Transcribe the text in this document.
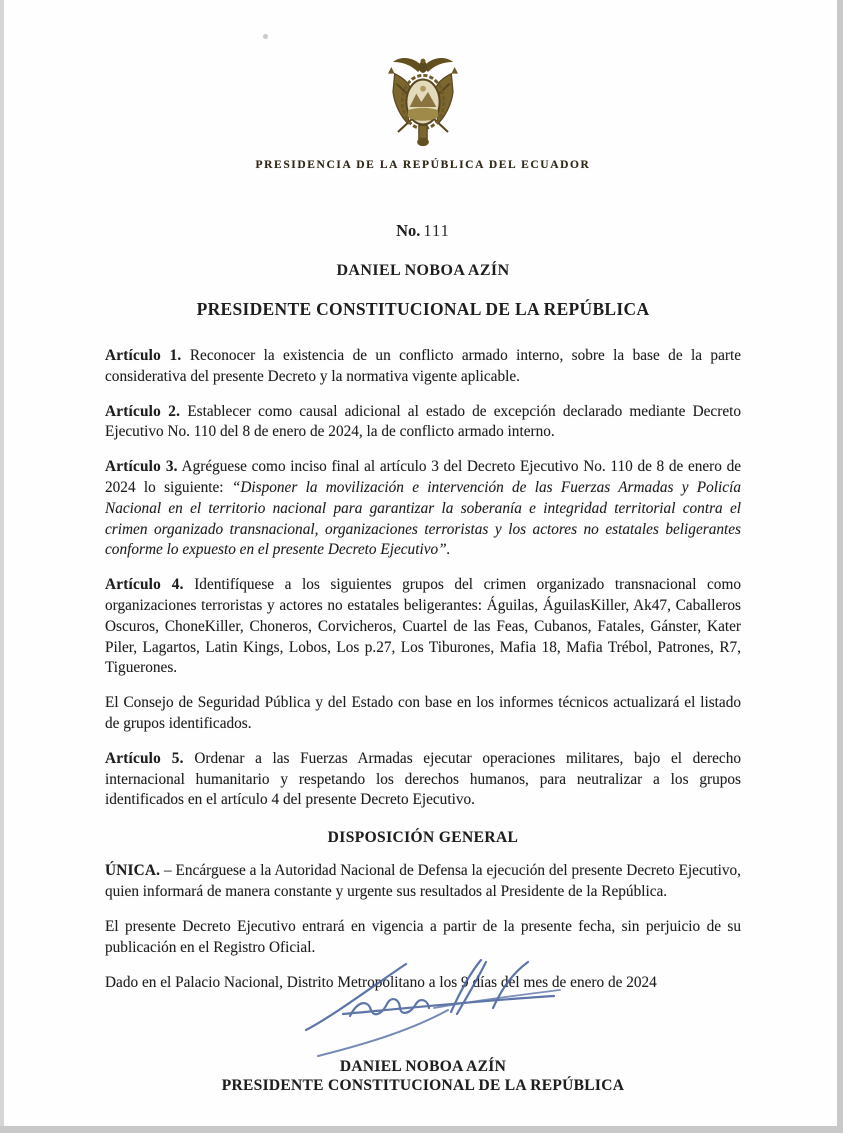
PRESIDENCIA DE LA REPÚBLICA DEL ECUADOR
No. 111
DANIEL NOBOA AZÍN
PRESIDENTE CONSTITUCIONAL DE LA REPÚBLICA

Artículo 1. Reconocer la existencia de un conflicto armado interno, sobre la base de la parte considerativa del presente Decreto y la normativa vigente aplicable.

Artículo 2. Establecer como causal adicional al estado de excepción declarado mediante Decreto Ejecutivo No. 110 del 8 de enero de 2024, la de conflicto armado interno.

Artículo 3. Agréguese como inciso final al artículo 3 del Decreto Ejecutivo No. 110 de 8 de enero de 2024 lo siguiente: “Disponer la movilización e intervención de las Fuerzas Armadas y Policía Nacional en el territorio nacional para garantizar la soberanía e integridad territorial contra el crimen organizado transnacional, organizaciones terroristas y los actores no estatales beligerantes conforme lo expuesto en el presente Decreto Ejecutivo”.

Artículo 4. Identifíquese a los siguientes grupos del crimen organizado transnacional como organizaciones terroristas y actores no estatales beligerantes: Águilas, ÁguilasKiller, Ak47, Caballeros Oscuros, ChoneKiller, Choneros, Corvicheros, Cuartel de las Feas, Cubanos, Fatales, Gánster, Kater Piler, Lagartos, Latin Kings, Lobos, Los p.27, Los Tiburones, Mafia 18, Mafia Trébol, Patrones, R7, Tiguerones.

El Consejo de Seguridad Pública y del Estado con base en los informes técnicos actualizará el listado de grupos identificados.

Artículo 5. Ordenar a las Fuerzas Armadas ejecutar operaciones militares, bajo el derecho internacional humanitario y respetando los derechos humanos, para neutralizar a los grupos identificados en el artículo 4 del presente Decreto Ejecutivo.

DISPOSICIÓN GENERAL

ÚNICA. – Encárguese a la Autoridad Nacional de Defensa la ejecución del presente Decreto Ejecutivo, quien informará de manera constante y urgente sus resultados al Presidente de la República.

El presente Decreto Ejecutivo entrará en vigencia a partir de la presente fecha, sin perjuicio de su publicación en el Registro Oficial.

Dado en el Palacio Nacional, Distrito Metropolitano a los 9 días del mes de enero de 2024

DANIEL NOBOA AZÍN
PRESIDENTE CONSTITUCIONAL DE LA REPÚBLICA
